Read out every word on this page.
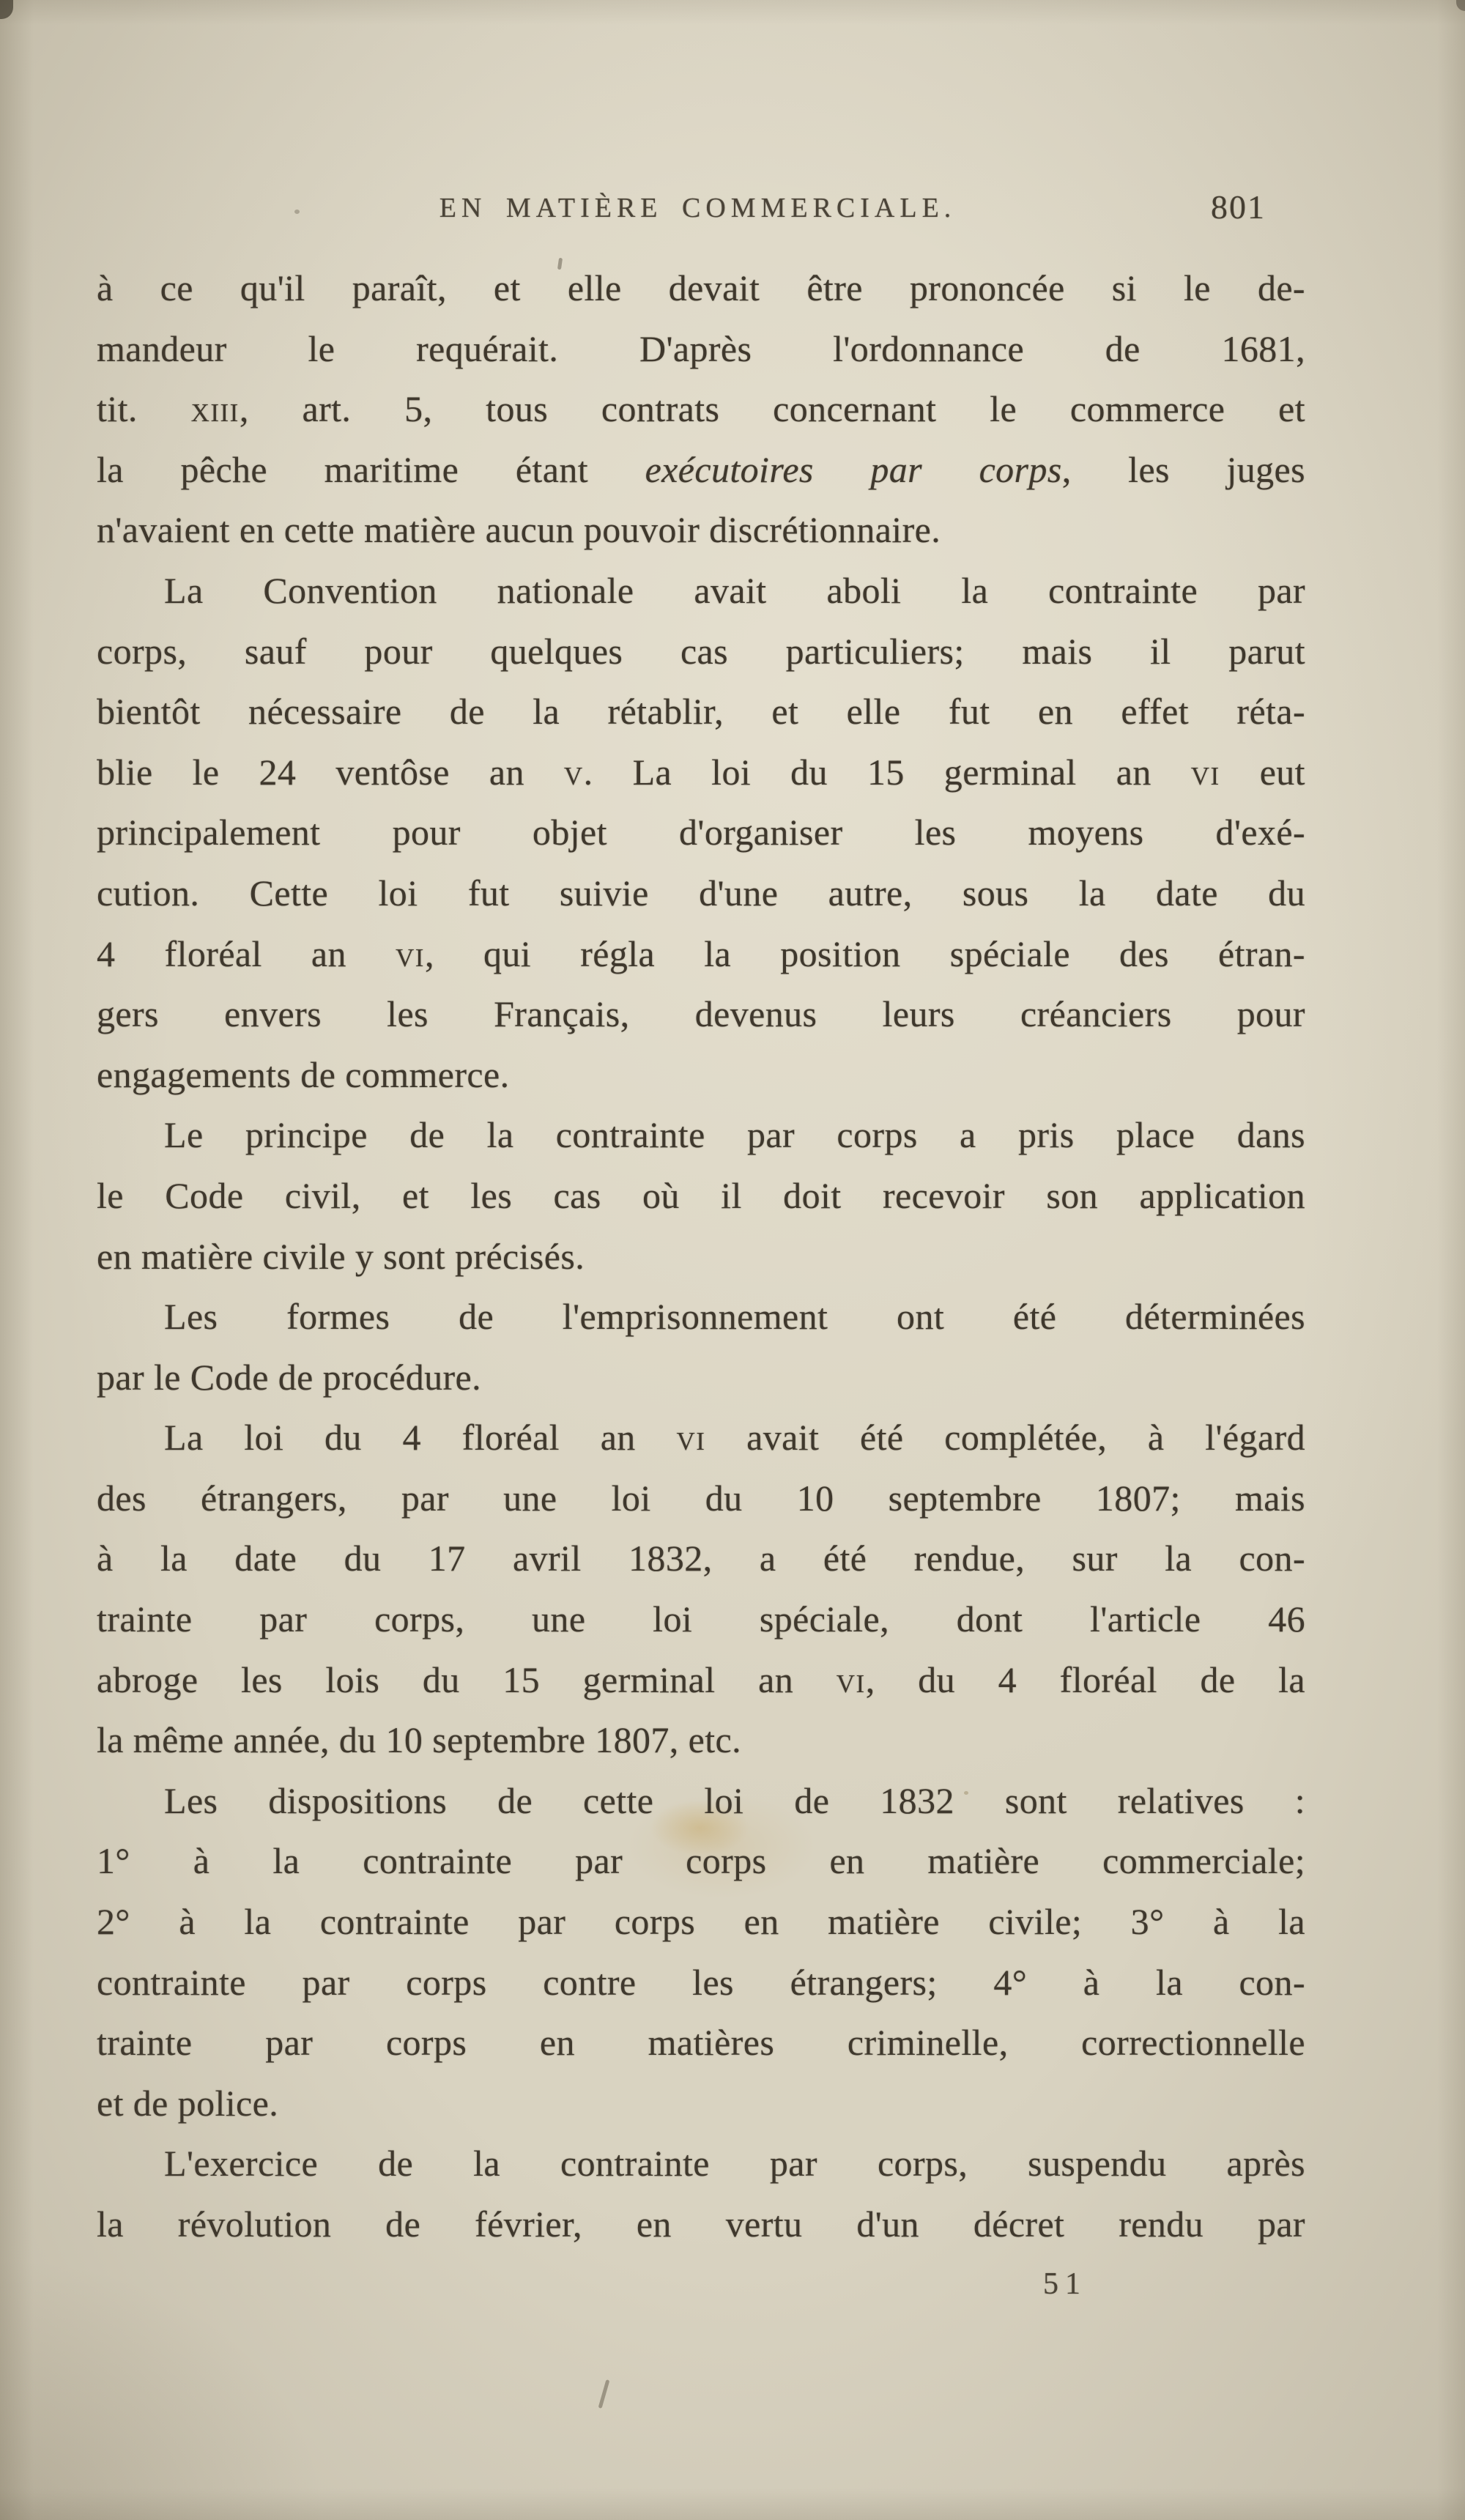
EN MATIÈRE COMMERCIALE.	801
à ce qu'il paraît, et elle devait être prononcée si le de-
mandeur le requérait. D'après l'ordonnance de 1681,
tit. xiii, art. 5, tous contrats concernant le commerce et
la pêche maritime étant exécutoires par corps, les juges
n'avaient en cette matière aucun pouvoir discrétionnaire.
La Convention nationale avait aboli la contrainte par
corps, sauf pour quelques cas particuliers; mais il parut
bientôt nécessaire de la rétablir, et elle fut en effet réta-
blie le 24 ventôse an v. La loi du 15 germinal an vi eut
principalement pour objet d'organiser les moyens d'exé-
cution. Cette loi fut suivie d'une autre, sous la date du
4 floréal an vi, qui régla la position spéciale des étran-
gers envers les Français, devenus leurs créanciers pour
engagements de commerce.
Le principe de la contrainte par corps a pris place dans
le Code civil, et les cas où il doit recevoir son application
en matière civile y sont précisés.
Les formes de l'emprisonnement ont été déterminées
par le Code de procédure.
La loi du 4 floréal an vi avait été complétée, à l'égard
des étrangers, par une loi du 10 septembre 1807; mais
à la date du 17 avril 1832, a été rendue, sur la con-
trainte par corps, une loi spéciale, dont l'article 46
abroge les lois du 15 germinal an vi, du 4 floréal de la
la même année, du 10 septembre 1807, etc.
Les dispositions de cette loi de 1832 sont relatives :
1° à la contrainte par corps en matière commerciale;
2° à la contrainte par corps en matière civile; 3° à la
contrainte par corps contre les étrangers; 4° à la con-
trainte par corps en matières criminelle, correctionnelle
et de police.
L'exercice de la contrainte par corps, suspendu après
la révolution de février, en vertu d'un décret rendu par
51
